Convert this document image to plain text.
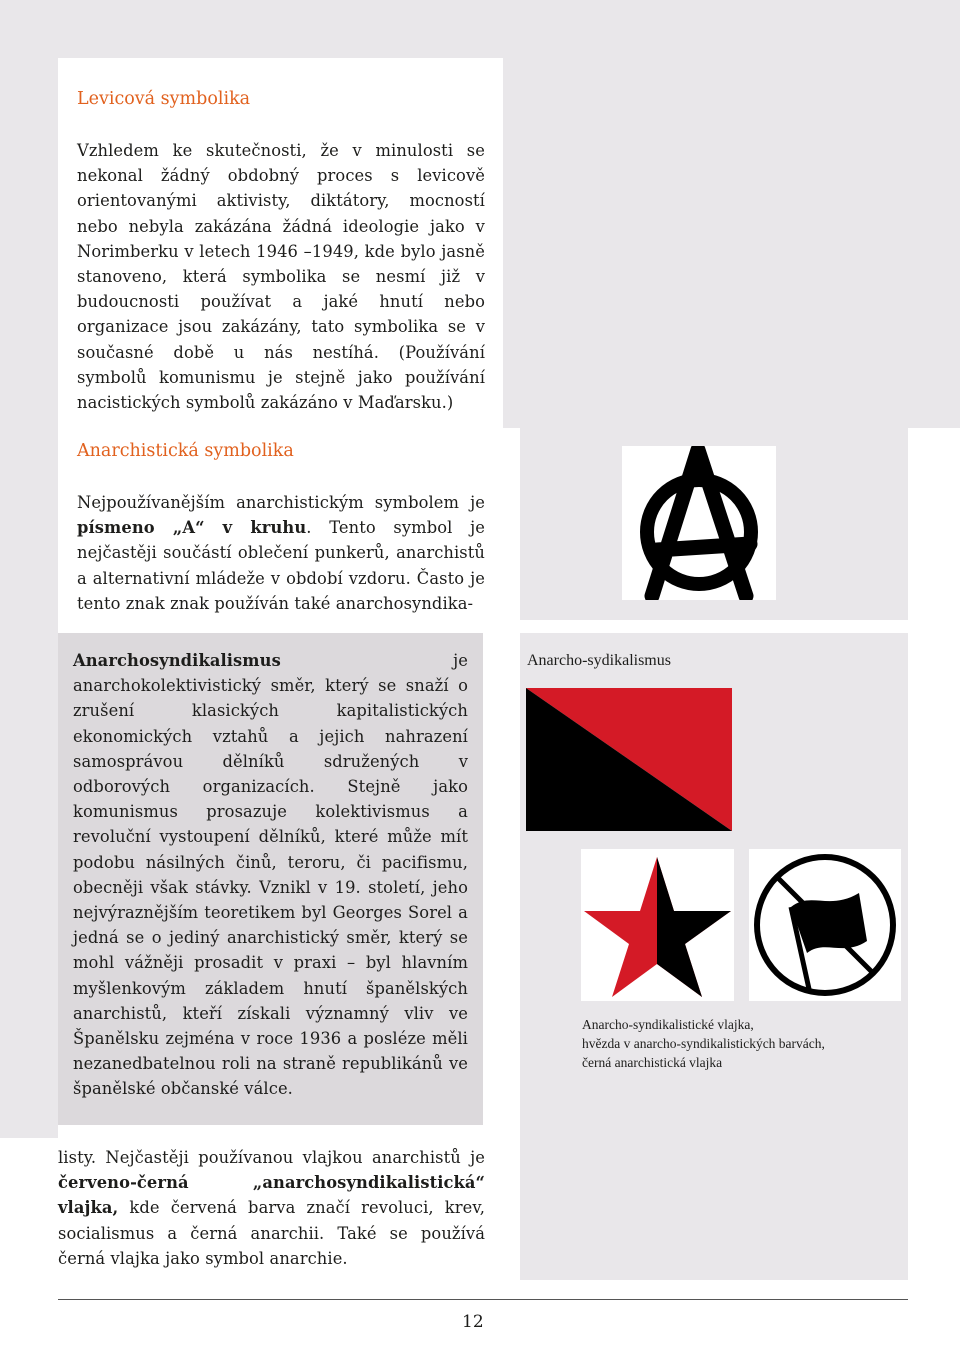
Levicová symbolika

Vzhledem ke skutečnosti, že v minulosti se nekonal žádný obdobný proces s levicově orientovanými aktivisty, diktátory, mocností nebo nebyla zakázána žádná ideologie jako v Norimberku v letech 1946 –1949, kde bylo jasně stanoveno, která symbolika se nesmí již v budoucnosti používat a jaké hnutí nebo organizace jsou zakázány, tato symbolika se v současné době u nás nestíhá. (Používání symbolů komunismu je stejně jako používání nacistických symbolů zakázáno v Maďarsku.)

Anarchistická symbolika

Nejpoužívanějším anarchistickým symbolem je písmeno „A“ v kruhu. Tento symbol je nejčastěji součástí oblečení punkerů, anarchistů a alternativní mládeže v období vzdoru. Často je tento znak znak používán také anarchosyndika-

Anarchosyndikalismus je anarchokolektivistický směr, který se snaží o zrušení klasických kapitalistických ekonomických vztahů a jejich nahrazení samosprávou dělníků sdružených v odborových organizacích. Stejně jako komunismus prosazuje kolektivismus a revoluční vystoupení dělníků, které může mít podobu násilných činů, teroru, či pacifismu, obecněji však stávky. Vznikl v 19. století, jeho nejvýraznějším teoretikem byl Georges Sorel a jedná se o jediný anarchistický směr, který se mohl vážněji prosadit v praxi – byl hlavním myšlenkovým základem hnutí španělských anarchistů, kteří získali významný vliv ve Španělsku zejména v roce 1936 a posléze měli nezanedbatelnou roli na straně republikánů ve španělské občanské válce.

listy. Nejčastěji používanou vlajkou anarchistů je červeno-černá „anarchosyndikalistická“ vlajka, kde červená barva značí revoluci, krev, socialismus a černá anarchii. Také se používá černá vlajka jako symbol anarchie.

Anarcho-sydikalismus
Anarcho-syndikalistické vlajka,
hvězda v anarcho-syndikalistických barvách,
černá anarchistická vlajka
12
